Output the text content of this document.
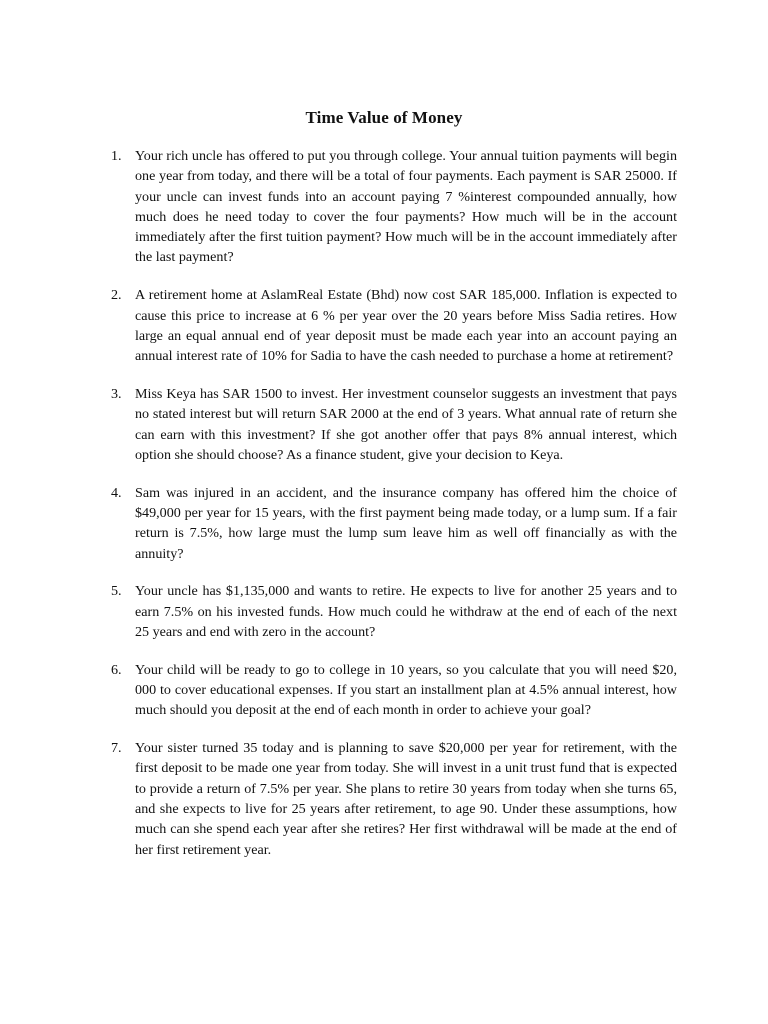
Time Value of Money
1. Your rich uncle has offered to put you through college. Your annual tuition payments will begin one year from today, and there will be a total of four payments. Each payment is SAR 25000. If your uncle can invest funds into an account paying 7 %interest compounded annually, how much does he need today to cover the four payments? How much will be in the account immediately after the first tuition payment? How much will be in the account immediately after the last payment?
2. A retirement home at AslamReal Estate (Bhd) now cost SAR 185,000. Inflation is expected to cause this price to increase at 6 % per year over the 20 years before Miss Sadia retires. How large an equal annual end of year deposit must be made each year into an account paying an annual interest rate of 10% for Sadia to have the cash needed to purchase a home at retirement?
3. Miss Keya has SAR 1500 to invest. Her investment counselor suggests an investment that pays no stated interest but will return SAR 2000 at the end of 3 years. What annual rate of return she can earn with this investment? If she got another offer that pays 8% annual interest, which option she should choose? As a finance student, give your decision to Keya.
4. Sam was injured in an accident, and the insurance company has offered him the choice of $49,000 per year for 15 years, with the first payment being made today, or a lump sum. If a fair return is 7.5%, how large must the lump sum leave him as well off financially as with the annuity?
5. Your uncle has $1,135,000 and wants to retire. He expects to live for another 25 years and to earn 7.5% on his invested funds. How much could he withdraw at the end of each of the next 25 years and end with zero in the account?
6. Your child will be ready to go to college in 10 years, so you calculate that you will need $20, 000 to cover educational expenses. If you start an installment plan at 4.5% annual interest, how much should you deposit at the end of each month in order to achieve your goal?
7. Your sister turned 35 today and is planning to save $20,000 per year for retirement, with the first deposit to be made one year from today. She will invest in a unit trust fund that is expected to provide a return of 7.5% per year. She plans to retire 30 years from today when she turns 65, and she expects to live for 25 years after retirement, to age 90. Under these assumptions, how much can she spend each year after she retires? Her first withdrawal will be made at the end of her first retirement year.
